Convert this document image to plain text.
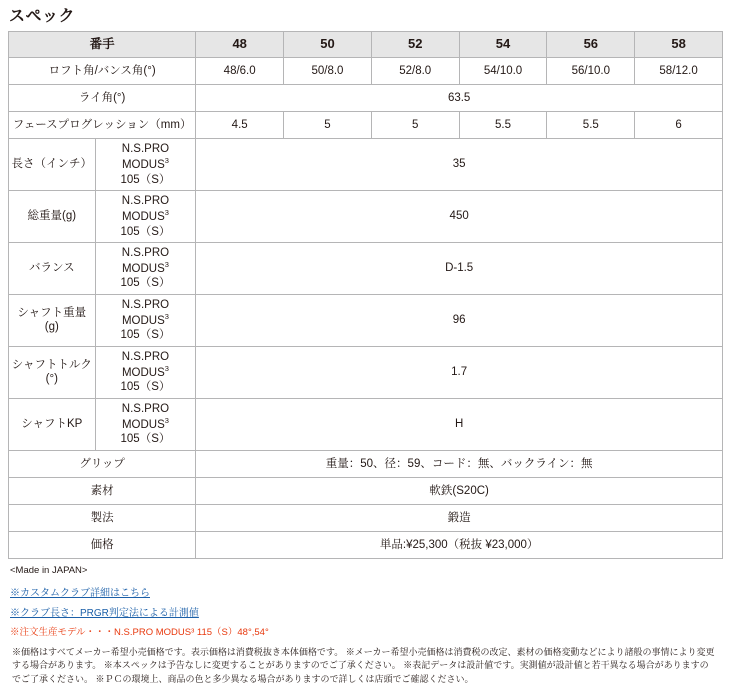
スペック
番手		48	50	52	54	56	58
ロフト角/バンス角(°)		48/6.0	50/8.0	52/8.0	54/10.0	56/10.0	58/12.0
ライ角(°)		63.5					
フェースプログレッション（mm）		4.5	5	5	5.5	5.5	6
長さ（インチ）	N.S.PRO MODUS$^3$ 105（S）	35					
総重量(g)	N.S.PRO MODUS$^3$ 105（S）	450					
バランス	N.S.PRO MODUS$^3$ 105（S）	D-1.5					
シャフト重量(g)	N.S.PRO MODUS$^3$ 105（S）	96					
シャフトトルク(°)	N.S.PRO MODUS$^3$ 105（S）	1.7					
シャフトKP	N.S.PRO MODUS$^3$ 105（S）	H					
グリップ		重量：50、径：59、コード：無、バックライン：無					
素材		軟鉄(S20C)					
製法		鍛造					
価格		単品:¥25,300（税抜 ¥23,000）					
<Made in JAPAN>
※カスタムクラブ詳細はこちら
※クラブ長さ：PRGR判定法による計測値
※注文生産モデル・・・N.S.PRO MODUS³ 115（S）48°,54°
※価格はすべてメーカー希望小売価格です。表示価格は消費税抜き本体価格です。 ※メーカー希望小売価格は消費税の改定、素材の価格変動などにより諸般の事情により変更する場合があります。 ※本スペックは予告なしに変更することがありますのでご了承ください。 ※表記データは設計値です。実測値が設計値と若干異なる場合がありますのでご了承ください。 ※ＰＣの環境上、商品の色と多少異なる場合がありますので詳しくは店頭でご確認ください。
